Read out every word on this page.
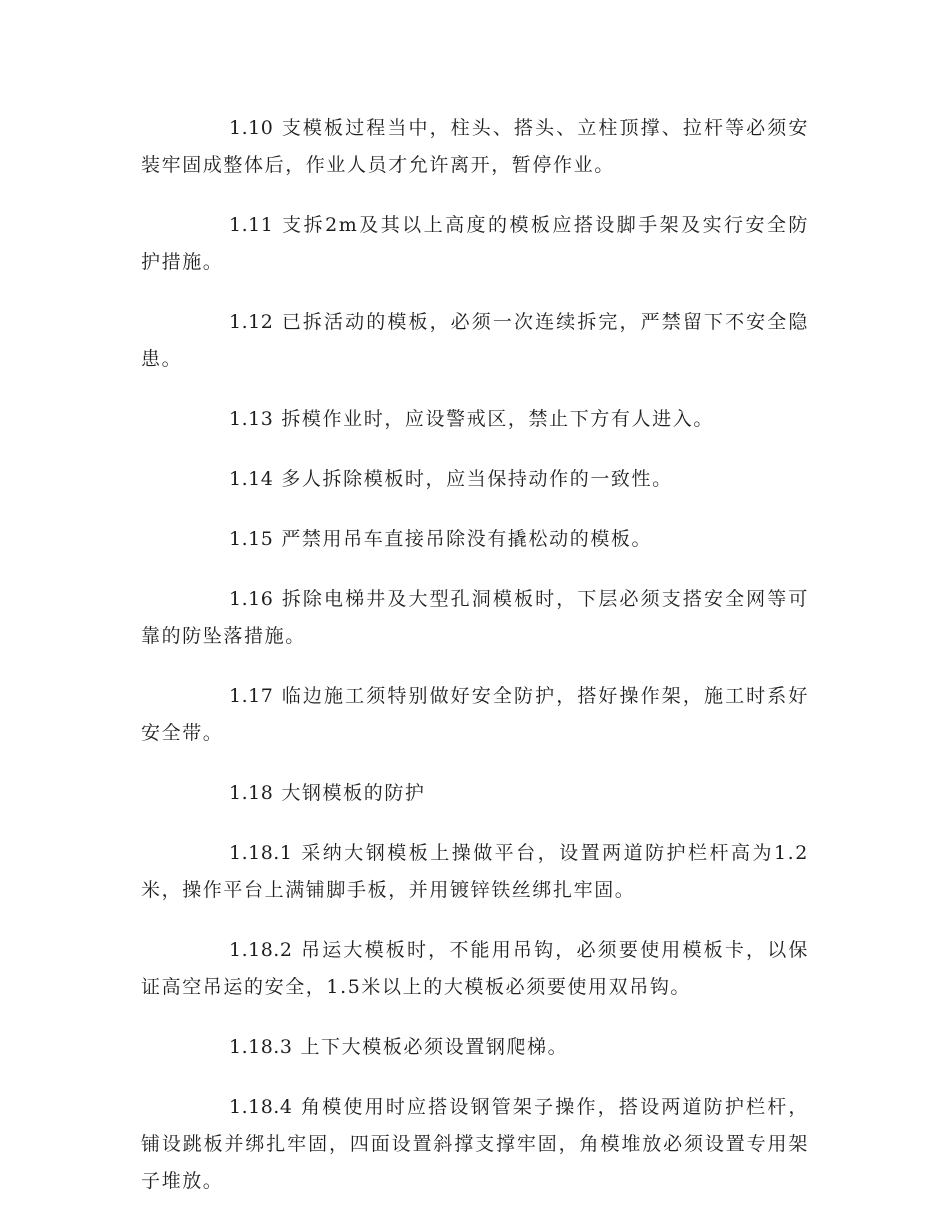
1.10 支模板过程当中，柱头、搭头、立柱顶撑、拉杆等必须安装牢固成整体后，作业人员才允许离开，暂停作业。

1.11 支拆2m及其以上高度的模板应搭设脚手架及实行安全防护措施。

1.12 已拆活动的模板，必须一次连续拆完，严禁留下不安全隐患。

1.13 拆模作业时，应设警戒区，禁止下方有人进入。

1.14 多人拆除模板时，应当保持动作的一致性。

1.15 严禁用吊车直接吊除没有撬松动的模板。

1.16 拆除电梯井及大型孔洞模板时，下层必须支搭安全网等可靠的防坠落措施。

1.17 临边施工须特别做好安全防护，搭好操作架，施工时系好安全带。

1.18 大钢模板的防护

1.18.1 采纳大钢模板上操做平台，设置两道防护栏杆高为1.2米，操作平台上满铺脚手板，并用镀锌铁丝绑扎牢固。

1.18.2 吊运大模板时，不能用吊钩，必须要使用模板卡，以保证高空吊运的安全，1.5米以上的大模板必须要使用双吊钩。

1.18.3 上下大模板必须设置钢爬梯。

1.18.4 角模使用时应搭设钢管架子操作，搭设两道防护栏杆，铺设跳板并绑扎牢固，四面设置斜撑支撑牢固，角模堆放必须设置专用架子堆放。
